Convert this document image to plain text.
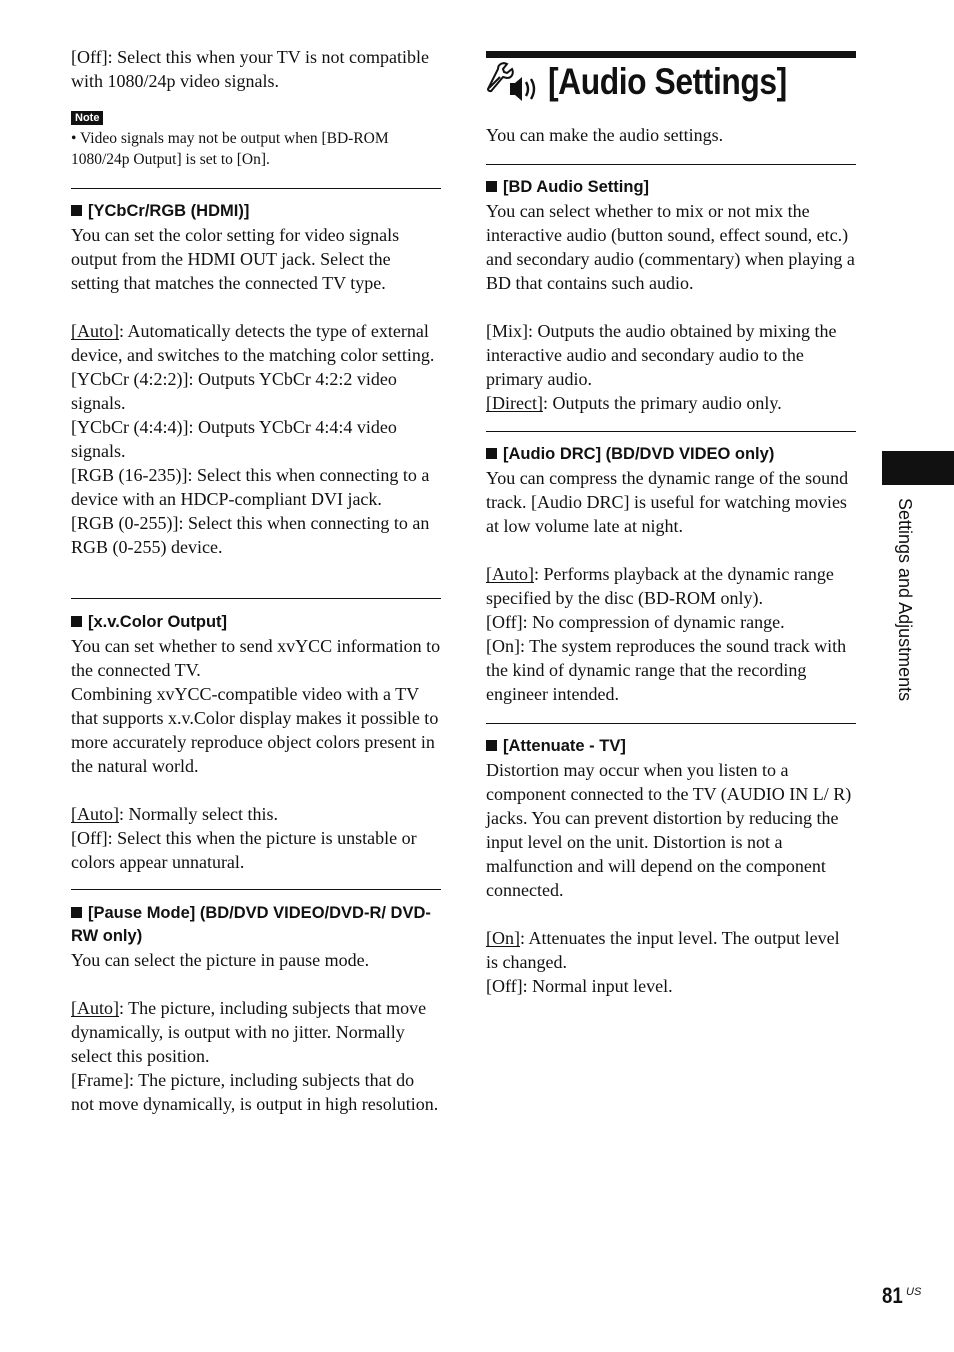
[Off]: Select this when your TV is not compatible with 1080/24p video signals.
Note
• Video signals may not be output when [BD-ROM 1080/24p Output] is set to [On].
[YCbCr/RGB (HDMI)]
You can set the color setting for video signals output from the HDMI OUT jack. Select the setting that matches the connected TV type.
[Auto]: Automatically detects the type of external device, and switches to the matching color setting.
[YCbCr (4:2:2)]: Outputs YCbCr 4:2:2 video signals.
[YCbCr (4:4:4)]: Outputs YCbCr 4:4:4 video signals.
[RGB (16-235)]: Select this when connecting to a device with an HDCP-compliant DVI jack.
[RGB (0-255)]: Select this when connecting to an RGB (0-255) device.
[x.v.Color Output]
You can set whether to send xvYCC information to the connected TV.
Combining xvYCC-compatible video with a TV that supports x.v.Color display makes it possible to more accurately reproduce object colors present in the natural world.
[Auto]: Normally select this.
[Off]: Select this when the picture is unstable or colors appear unnatural.
[Pause Mode] (BD/DVD VIDEO/DVD-R/ DVD-RW only)
You can select the picture in pause mode.
[Auto]: The picture, including subjects that move dynamically, is output with no jitter. Normally select this position.
[Frame]: The picture, including subjects that do not move dynamically, is output in high resolution.
[Audio Settings]
You can make the audio settings.
[BD Audio Setting]
You can select whether to mix or not mix the interactive audio (button sound, effect sound, etc.) and secondary audio (commentary) when playing a BD that contains such audio.
[Mix]: Outputs the audio obtained by mixing the interactive audio and secondary audio to the primary audio.
[Direct]: Outputs the primary audio only.
[Audio DRC] (BD/DVD VIDEO only)
You can compress the dynamic range of the sound track. [Audio DRC] is useful for watching movies at low volume late at night.
[Auto]: Performs playback at the dynamic range specified by the disc (BD-ROM only).
[Off]: No compression of dynamic range.
[On]: The system reproduces the sound track with the kind of dynamic range that the recording engineer intended.
[Attenuate - TV]
Distortion may occur when you listen to a component connected to the TV (AUDIO IN L/ R) jacks. You can prevent distortion by reducing the input level on the unit. Distortion is not a malfunction and will depend on the component connected.
[On]: Attenuates the input level. The output level is changed.
[Off]: Normal input level.
Settings and Adjustments
81 US
